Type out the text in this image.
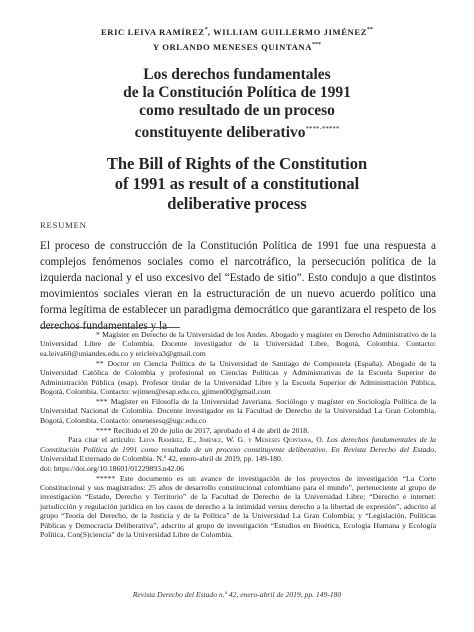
ERIC LEIVA RAMÍREZ*, WILLIAM GUILLERMO JIMÉNEZ**
Y ORLANDO MENESES QUINTANA***
Los derechos fundamentales
de la Constitución Política de 1991
como resultado de un proceso
constituyente deliberativo****·*****
The Bill of Rights of the Constitution
of 1991 as result of a constitutional
deliberative process
RESUMEN
El proceso de construcción de la Constitución Política de 1991 fue una respuesta a complejos fenómenos sociales como el narcotráfico, la persecución política de la izquierda nacional y el uso excesivo del “Estado de sitio”. Esto condujo a que distintos movimientos sociales vieran en la estructuración de un nuevo acuerdo político una forma legítima de establecer un paradigma democrático que garantizara el respeto de los derechos fundamentales y la

* Magíster en Derecho de la Universidad de los Andes. Abogado y magíster en Derecho Administrativo de la Universidad Libre de Colombia. Docente investigador de la Universidad Libre, Bogotá, Colombia. Contacto: ea.leiva60@uniandes.edu.co y ericleiva3@gmail.com

** Doctor en Ciencia Política de la Universidad de Santiago de Compostela (España). Abogado de la Universidad Católica de Colombia y profesional en Ciencias Políticas y Administrativas de la Escuela Superior de Administración Pública (esap). Profesor titular de la Universidad Libre y la Escuela Superior de Administración Pública, Bogotá, Colombia. Contacto: wjimen@esap.edu.co, gjimen00@gmail.com

*** Magíster en Filosofía de la Universidad Javeriana. Sociólogo y magíster en Sociología Política de la Universidad Nacional de Colombia. Docente investigador en la Facultad de Derecho de la Universidad La Gran Colombia, Bogotá, Colombia. Contacto: omenesesq@ugc.edu.co

**** Recibido el 20 de julio de 2017, aprobado el 4 de abril de 2018.

Para citar el artículo: Leiva Ramírez, E., Jiménez, W. G. y Meneses Quintana, O. Los derechos fundamentales de la Constitución Política de 1991 como resultado de un proceso constituyente deliberativo. En Revista Derecho del Estado, Universidad Externado de Colombia. N.º 42, enero-abril de 2019, pp. 149-180.
doi: https://doi.org/10.18601/01229893.n42.06

***** Este documento es un avance de investigación de los proyectos de investigación “La Corte Constitucional y sus magistrados: 25 años de desarrollo constitucional colombiano para el mundo”, perteneciente al grupo de investigación “Estado, Derecho y Territorio” de la Facultad de Derecho de la Universidad Libre; “Derecho e internet: jurisdicción y regulación jurídica en los casos de derecho a la intimidad versus derecho a la libertad de expresión”, adscrito al grupo “Teoría del Derecho, de la Justicia y de la Política” de la Universidad La Gran Colombia; y “Legislación, Políticas Públicas y Democracia Deliberativa”, adscrito al grupo de investigación “Estudios en Bioética, Ecología Humana y Ecología Política. Con(S)ciencia” de la Universidad Libre de Colombia.

Revista Derecho del Estado n.º 42, enero-abril de 2019, pp. 149-180
